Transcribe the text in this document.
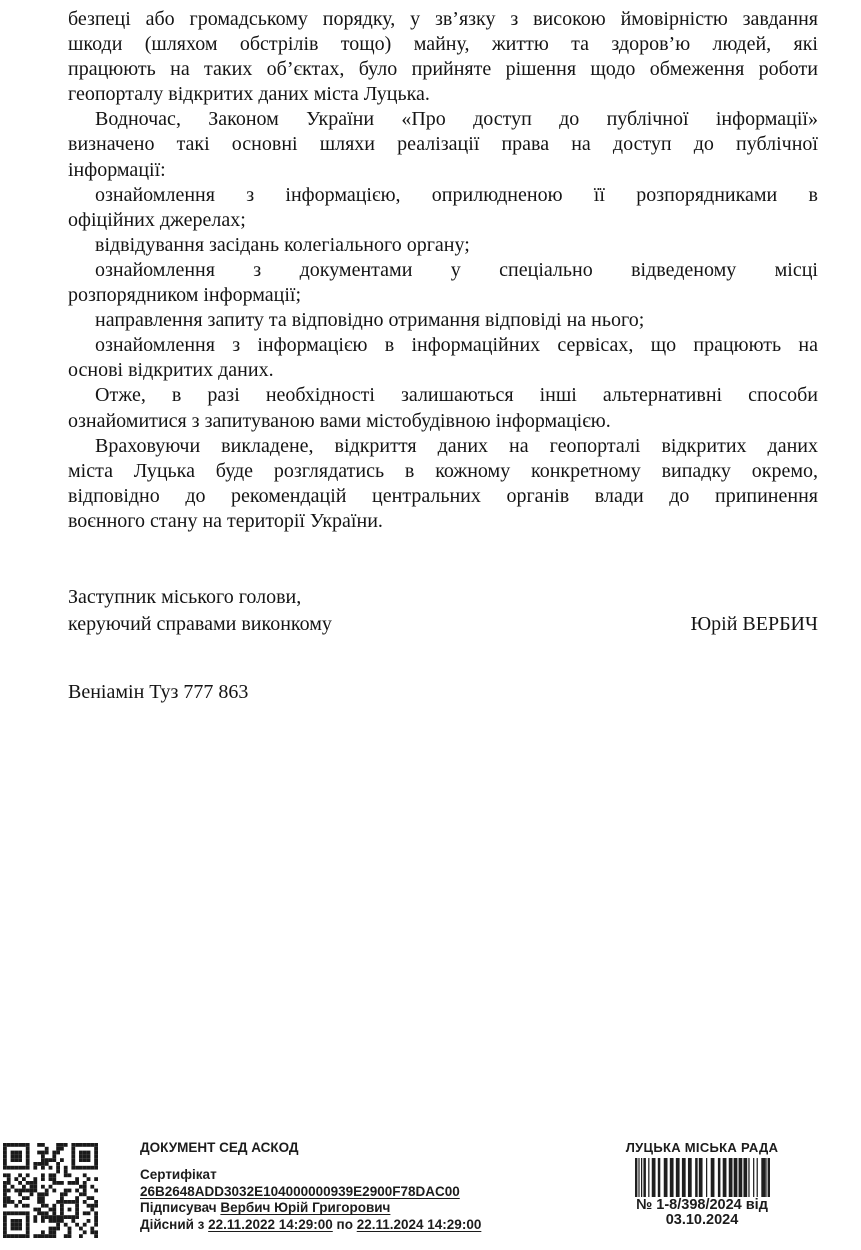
безпеці або громадському порядку, у зв’язку з високою ймовірністю завдання
шкоди (шляхом обстрілів тощо) майну, життю та здоров’ю людей, які
працюють на таких об’єктах, було прийняте рішення щодо обмеження роботи
геопорталу відкритих даних міста Луцька.
Водночас, Законом України «Про доступ до публічної інформації»
визначено такі основні шляхи реалізації права на доступ до публічної
інформації:
ознайомлення з інформацією, оприлюдненою її розпорядниками в
офіційних джерелах;
відвідування засідань колегіального органу;
ознайомлення з документами у спеціально відведеному місці
розпорядником інформації;
направлення запиту та відповідно отримання відповіді на нього;
ознайомлення з інформацією в інформаційних сервісах, що працюють на
основі відкритих даних.
Отже, в разі необхідності залишаються інші альтернативні способи
ознайомитися з запитуваною вами містобудівною інформацією.
Враховуючи викладене, відкриття даних на геопорталі відкритих даних
міста Луцька буде розглядатись в кожному конкретному випадку окремо,
відповідно до рекомендацій центральних органів влади до припинення
воєнного стану на території України.
Заступник міського голови,
керуючий справами виконкому	Юрій ВЕРБИЧ
Веніамін Туз 777 863
ДОКУМЕНТ СЕД АСКОД
Сертифікат
26B2648ADD3032E104000000939E2900F78DAC00
Підписувач Вербич Юрій Григорович
Дійсний з 22.11.2022 14:29:00 по 22.11.2024 14:29:00
ЛУЦЬКА МІСЬКА РАДА
№ 1-8/398/2024 від 03.10.2024
